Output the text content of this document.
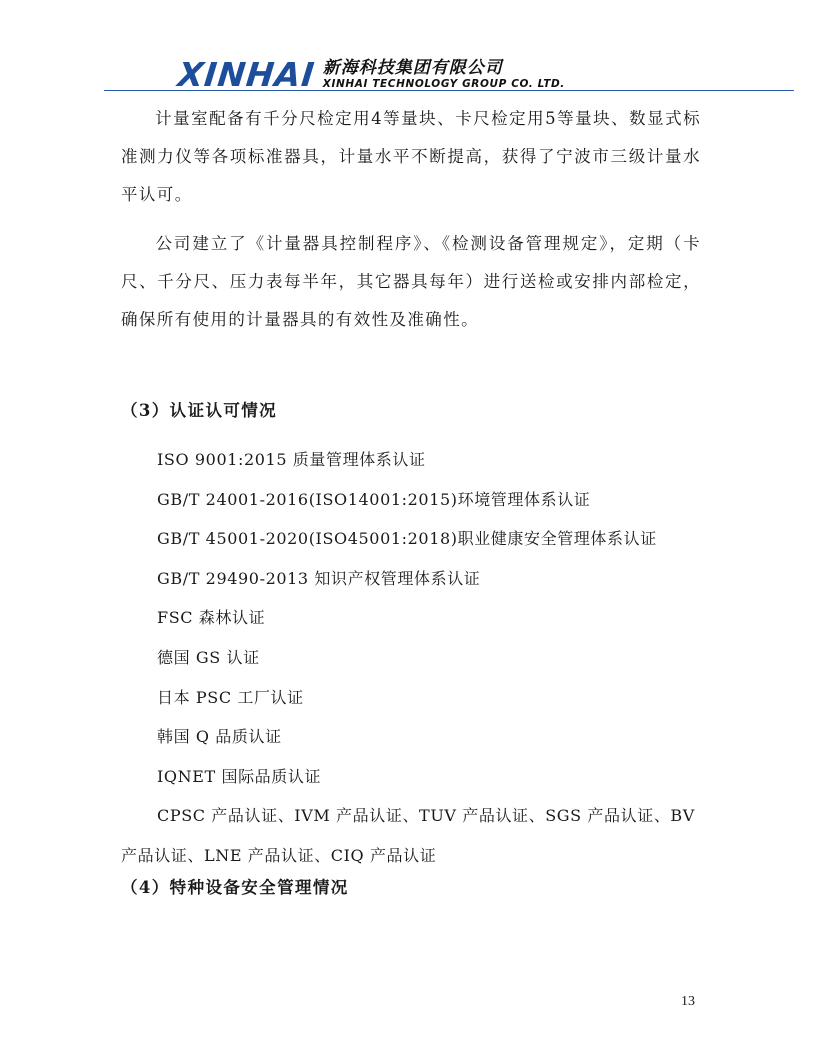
XINHAI 新海科技集团有限公司
XINHAI TECHNOLOGY GROUP CO. LTD.

计量室配备有千分尺检定用4等量块、卡尺检定用5等量块、数显式标准测力仪等各项标准器具，计量水平不断提高，获得了宁波市三级计量水平认可。

公司建立了《计量器具控制程序》、《检测设备管理规定》，定期（卡尺、千分尺、压力表每半年，其它器具每年）进行送检或安排内部检定，确保所有使用的计量器具的有效性及准确性。

（3）认证认可情况
ISO 9001:2015 质量管理体系认证
GB/T 24001-2016(ISO14001:2015)环境管理体系认证
GB/T 45001-2020(ISO45001:2018)职业健康安全管理体系认证
GB/T 29490-2013 知识产权管理体系认证
FSC 森林认证
德国 GS 认证
日本 PSC 工厂认证
韩国 Q 品质认证
IQNET 国际品质认证
CPSC 产品认证、IVM 产品认证、TUV 产品认证、SGS 产品认证、BV 产品认证、LNE 产品认证、CIQ 产品认证
（4）特种设备安全管理情况
13
